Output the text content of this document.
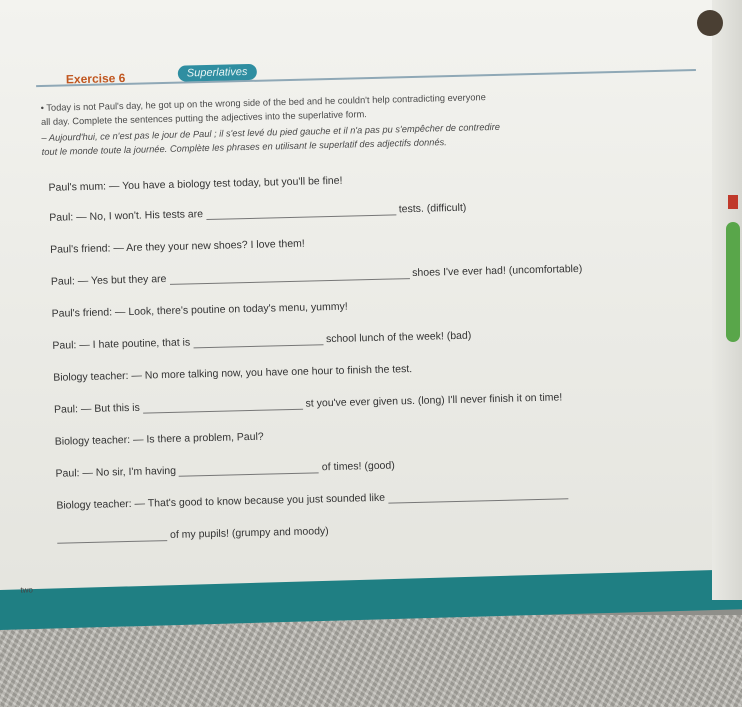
Exercise 6	Superlatives
• Today is not Paul's day, he got up on the wrong side of the bed and he couldn't help contradicting everyone
all day. Complete the sentences putting the adjectives into the superlative form.
– Aujourd'hui, ce n'est pas le jour de Paul ; il s'est levé du pied gauche et il n'a pas pu s'empêcher de contredire
tout le monde toute la journée. Complète les phrases en utilisant le superlatif des adjectifs donnés.
Paul's mum: — You have a biology test today, but you'll be fine!
Paul: — No, I won't. His tests are	tests. (difficult)
Paul's friend: — Are they your new shoes? I love them!
Paul: — Yes but they are  shoes I've ever had! (uncomfortable)
Paul's friend: — Look, there's poutine on today's menu, yummy!
Paul: — I hate poutine, that is	school lunch of the week! (bad)
Biology teacher: — No more talking now, you have one hour to finish the test.
Paul: — But this is	st you've ever given us. (long) I'll never finish it on time!
Biology teacher: — Is there a problem, Paul?
Paul: — No sir, I'm having	of times! (good)
Biology teacher: — That's good to know because you just sounded like
of my pupils! (grumpy and moody)
two
